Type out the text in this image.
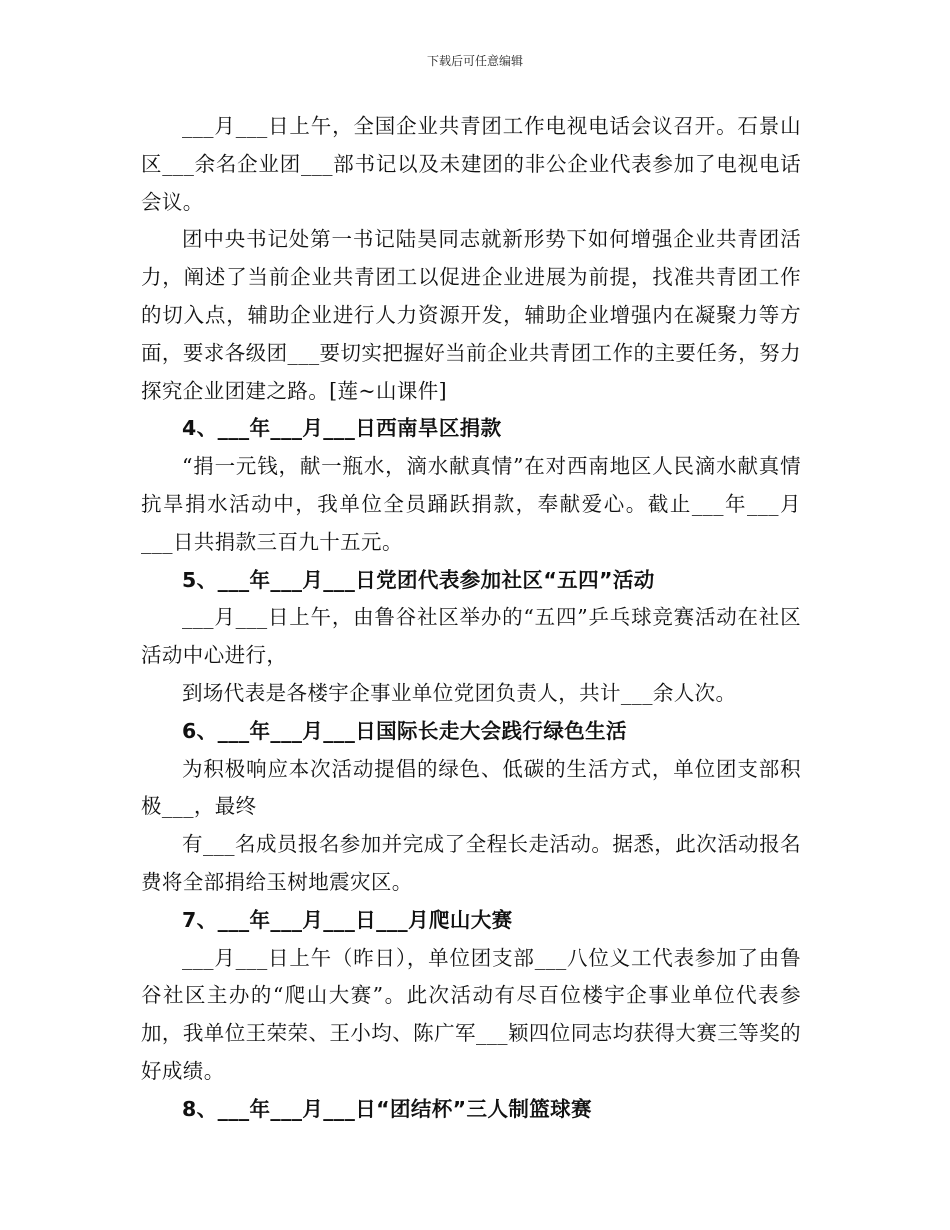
下载后可任意编辑

___月___日上午，全国企业共青团工作电视电话会议召开。石景山区___余名企业团___部书记以及未建团的非公企业代表参加了电视电话会议。

团中央书记处第一书记陆昊同志就新形势下如何增强企业共青团活力，阐述了当前企业共青团工以促进企业进展为前提，找准共青团工作的切入点，辅助企业进行人力资源开发，辅助企业增强内在凝聚力等方面，要求各级团___要切实把握好当前企业共青团工作的主要任务，努力探究企业团建之路。[莲~山课件]

4、___年___月___日西南旱区捐款

“捐一元钱，献一瓶水，滴水献真情”在对西南地区人民滴水献真情抗旱捐水活动中，我单位全员踊跃捐款，奉献爱心。截止___年___月___日共捐款三百九十五元。

5、___年___月___日党团代表参加社区“五四”活动

___月___日上午，由鲁谷社区举办的“五四”乒乓球竞赛活动在社区活动中心进行，

到场代表是各楼宇企事业单位党团负责人，共计___余人次。

6、___年___月___日国际长走大会践行绿色生活

为积极响应本次活动提倡的绿色、低碳的生活方式，单位团支部积极___，最终

有___名成员报名参加并完成了全程长走活动。据悉，此次活动报名费将全部捐给玉树地震灾区。

7、___年___月___日___月爬山大赛

___月___日上午（昨日），单位团支部___八位义工代表参加了由鲁谷社区主办的“爬山大赛”。此次活动有尽百位楼宇企事业单位代表参加，我单位王荣荣、王小均、陈广军___颖四位同志均获得大赛三等奖的好成绩。

8、___年___月___日“团结杯”三人制篮球赛
